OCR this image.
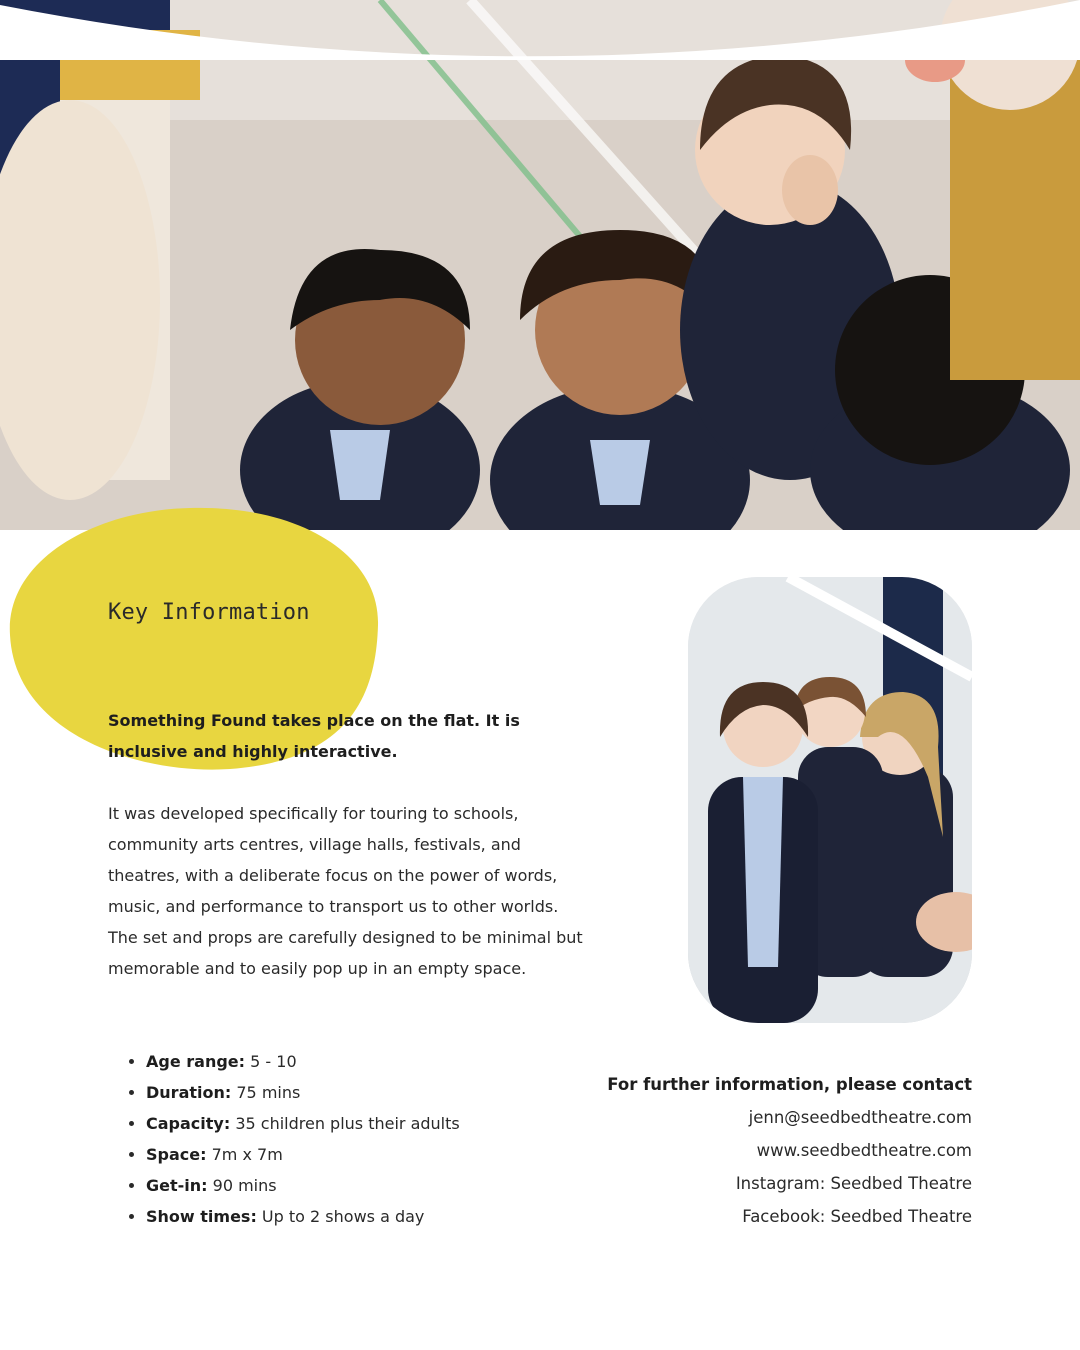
Key Information
Something Found takes place on the flat. It is inclusive and highly interactive.
It was developed specifically for touring to schools, community arts centres, village halls, festivals, and theatres, with a deliberate focus on the power of words, music, and performance to transport us to other worlds. The set and props are carefully designed to be minimal but memorable and to easily pop up in an empty space.
• Age range: 5 - 10
• Duration: 75 mins
• Capacity: 35 children plus their adults
• Space: 7m x 7m
• Get-in: 90 mins
• Show times: Up to 2 shows a day
For further information, please contact
jenn@seedbedtheatre.com
www.seedbedtheatre.com
Instagram: Seedbed Theatre
Facebook: Seedbed Theatre
